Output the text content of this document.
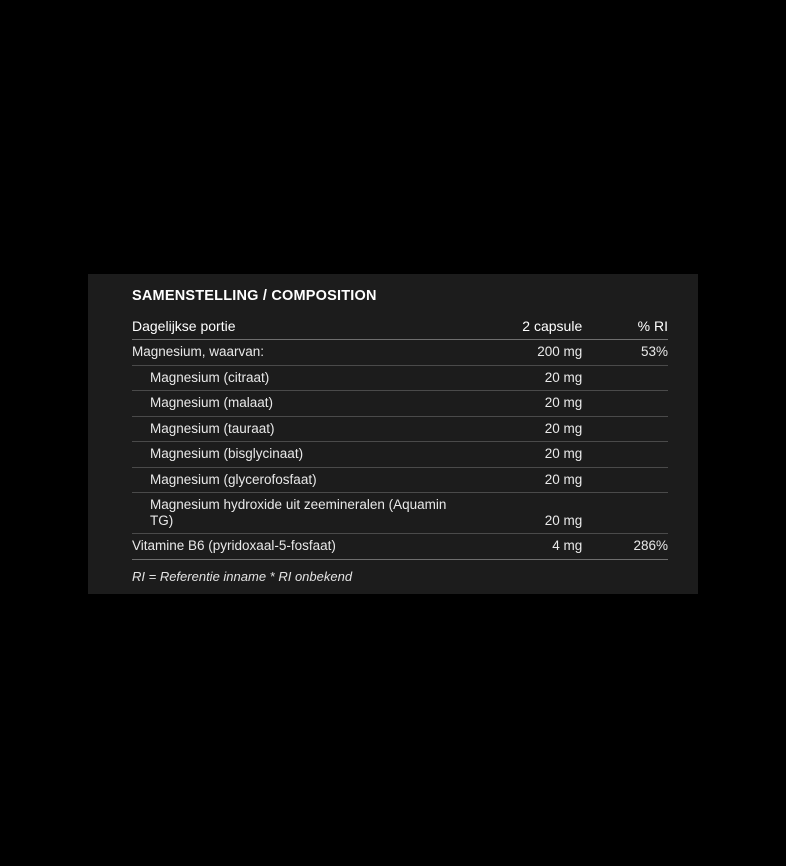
SAMENSTELLING / COMPOSITION
Dagelijkse portie	2 capsule	% RI
Magnesium, waarvan:	200 mg	53%
Magnesium (citraat)	20 mg	
Magnesium (malaat)	20 mg	
Magnesium (tauraat)	20 mg	
Magnesium (bisglycinaat)	20 mg	
Magnesium (glycerofosfaat)	20 mg	
Magnesium hydroxide uit zeemineralen (Aquamin TG)	20 mg	
Vitamine B6 (pyridoxaal-5-fosfaat)	4 mg	286%
RI = Referentie inname * RI onbekend
